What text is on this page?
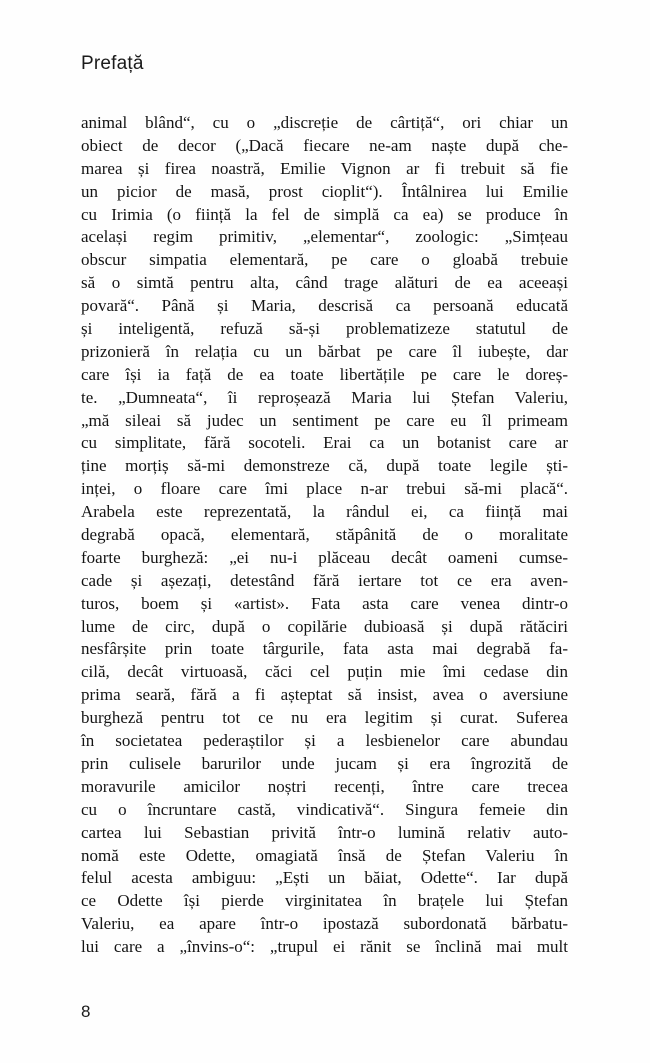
Prefață
animal blând“, cu o „discreție de cârtiță“, ori chiar un
obiect de decor („Dacă fiecare ne-am naște după che-
marea și firea noastră, Emilie Vignon ar fi trebuit să fie
un picior de masă, prost cioplit“). Întâlnirea lui Emilie
cu Irimia (o ființă la fel de simplă ca ea) se produce în
același regim primitiv, „elementar“, zoologic: „Simțeau
obscur simpatia elementară, pe care o gloabă trebuie
să o simtă pentru alta, când trage alături de ea aceeași
povară“. Până și Maria, descrisă ca persoană educată
și inteligentă, refuză să-și problematizeze statutul de
prizonieră în relația cu un bărbat pe care îl iubește, dar
care își ia față de ea toate libertățile pe care le doreș-
te. „Dumneata“, îi reproșează Maria lui Ștefan Valeriu,
„mă sileai să judec un sentiment pe care eu îl primeam
cu simplitate, fără socoteli. Erai ca un botanist care ar
ține morțiș să-mi demonstreze că, după toate legile ști-
inței, o floare care îmi place n-ar trebui să-mi placă“.
Arabela este reprezentată, la rândul ei, ca ființă mai
degrabă opacă, elementară, stăpânită de o moralitate
foarte burgheză: „ei nu-i plăceau decât oameni cumse-
cade și așezați, detestând fără iertare tot ce era aven-
turos, boem și «artist». Fata asta care venea dintr-o
lume de circ, după o copilărie dubioasă și după rătăciri
nesfârșite prin toate târgurile, fata asta mai degrabă fa-
cilă, decât virtuoasă, căci cel puțin mie îmi cedase din
prima seară, fără a fi așteptat să insist, avea o aversiune
burgheză pentru tot ce nu era legitim și curat. Suferea
în societatea pederaștilor și a lesbienelor care abundau
prin culisele barurilor unde jucam și era îngrozită de
moravurile amicilor noștri recenți, între care trecea
cu o încruntare castă, vindicativă“. Singura femeie din
cartea lui Sebastian privită într-o lumină relativ auto-
nomă este Odette, omagiată însă de Ștefan Valeriu în
felul acesta ambiguu: „Ești un băiat, Odette“. Iar după
ce Odette își pierde virginitatea în brațele lui Ștefan
Valeriu, ea apare într-o ipostază subordonată bărbatu-
lui care a „învins-o“: „trupul ei rănit se înclină mai mult
8
